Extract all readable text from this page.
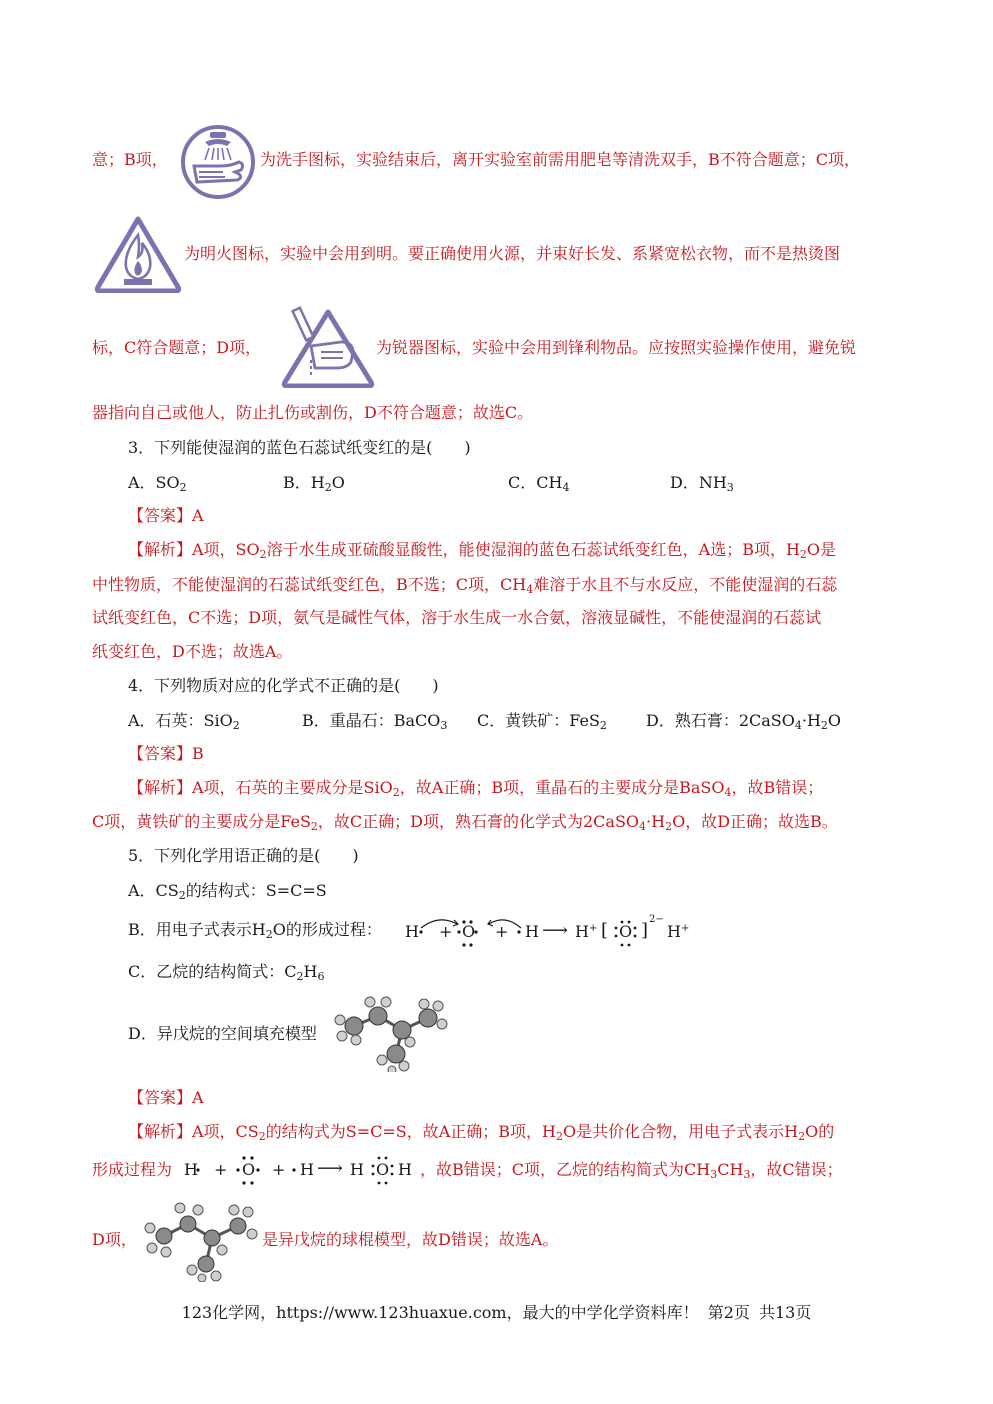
意；B项，	为洗手图标，实验结束后，离开实验室前需用肥皂等清洗双手，B不符合题意；C项，
为明火图标，实验中会用到明。要正确使用火源，并束好长发、系紧宽松衣物，而不是热烫图
标，C符合题意；D项，	为锐器图标，实验中会用到锋利物品。应按照实验操作使用，避免锐
器指向自己或他人，防止扎伤或割伤，D不符合题意；故选C。
3．下列能使湿润的蓝色石蕊试纸变红的是(　　)
A．$SO_2$	B．$H_2O$	C．$CH_4$	D．$NH_3$
【答案】A
【解析】A项，$SO_2$溶于水生成亚硫酸显酸性，能使湿润的蓝色石蕊试纸变红色，A选；B项，$H_2O$是
中性物质，不能使湿润的石蕊试纸变红色，B不选；C项，$CH_4$难溶于水且不与水反应，不能使湿润的石蕊
试纸变红色，C不选；D项，氨气是碱性气体，溶于水生成一水合氨，溶液显碱性，不能使湿润的石蕊试
纸变红色，D不选；故选A。
4．下列物质对应的化学式不正确的是(　　)
A．石英：SiO$_2$	B．重晶石：BaCO$_3$ C．黄铁矿：FeS$_2$ D．熟石膏：$2CaSO_4\cdot H_2O$
【答案】B
【解析】A项，石英的主要成分是SiO$_2$，故A正确；B项，重晶石的主要成分是BaSO$_4$，故B错误；
C项，黄铁矿的主要成分是FeS$_2$，故C正确；D项，熟石膏的化学式为$2CaSO_4\cdot H_2O$，故D正确；故选B。
5．下列化学用语正确的是(　　)
A．$CS_2$的结构式：S=C=S
B．用电子式表示$H_2O$的形成过程： H + O + H ⟶ H+ [ O ]
2−
H+
C．乙烷的结构简式：$C_2H_6$
D．异戊烷的空间填充模型
【答案】A
【解析】A项，$CS_2$的结构式为S=C=S，故A正确；B项，$H_2O$是共价化合物，用电子式表示$H_2O$的
形成过程为 H + O + H ⟶ H O H ，故B错误；C项，乙烷的结构简式为$CH_3CH_3$，故C错误；
D项，	是异戊烷的球棍模型，故D错误；故选A。
123化学网，https://www.123huaxue.com，最大的中学化学资料库！ 第2页 共13页
